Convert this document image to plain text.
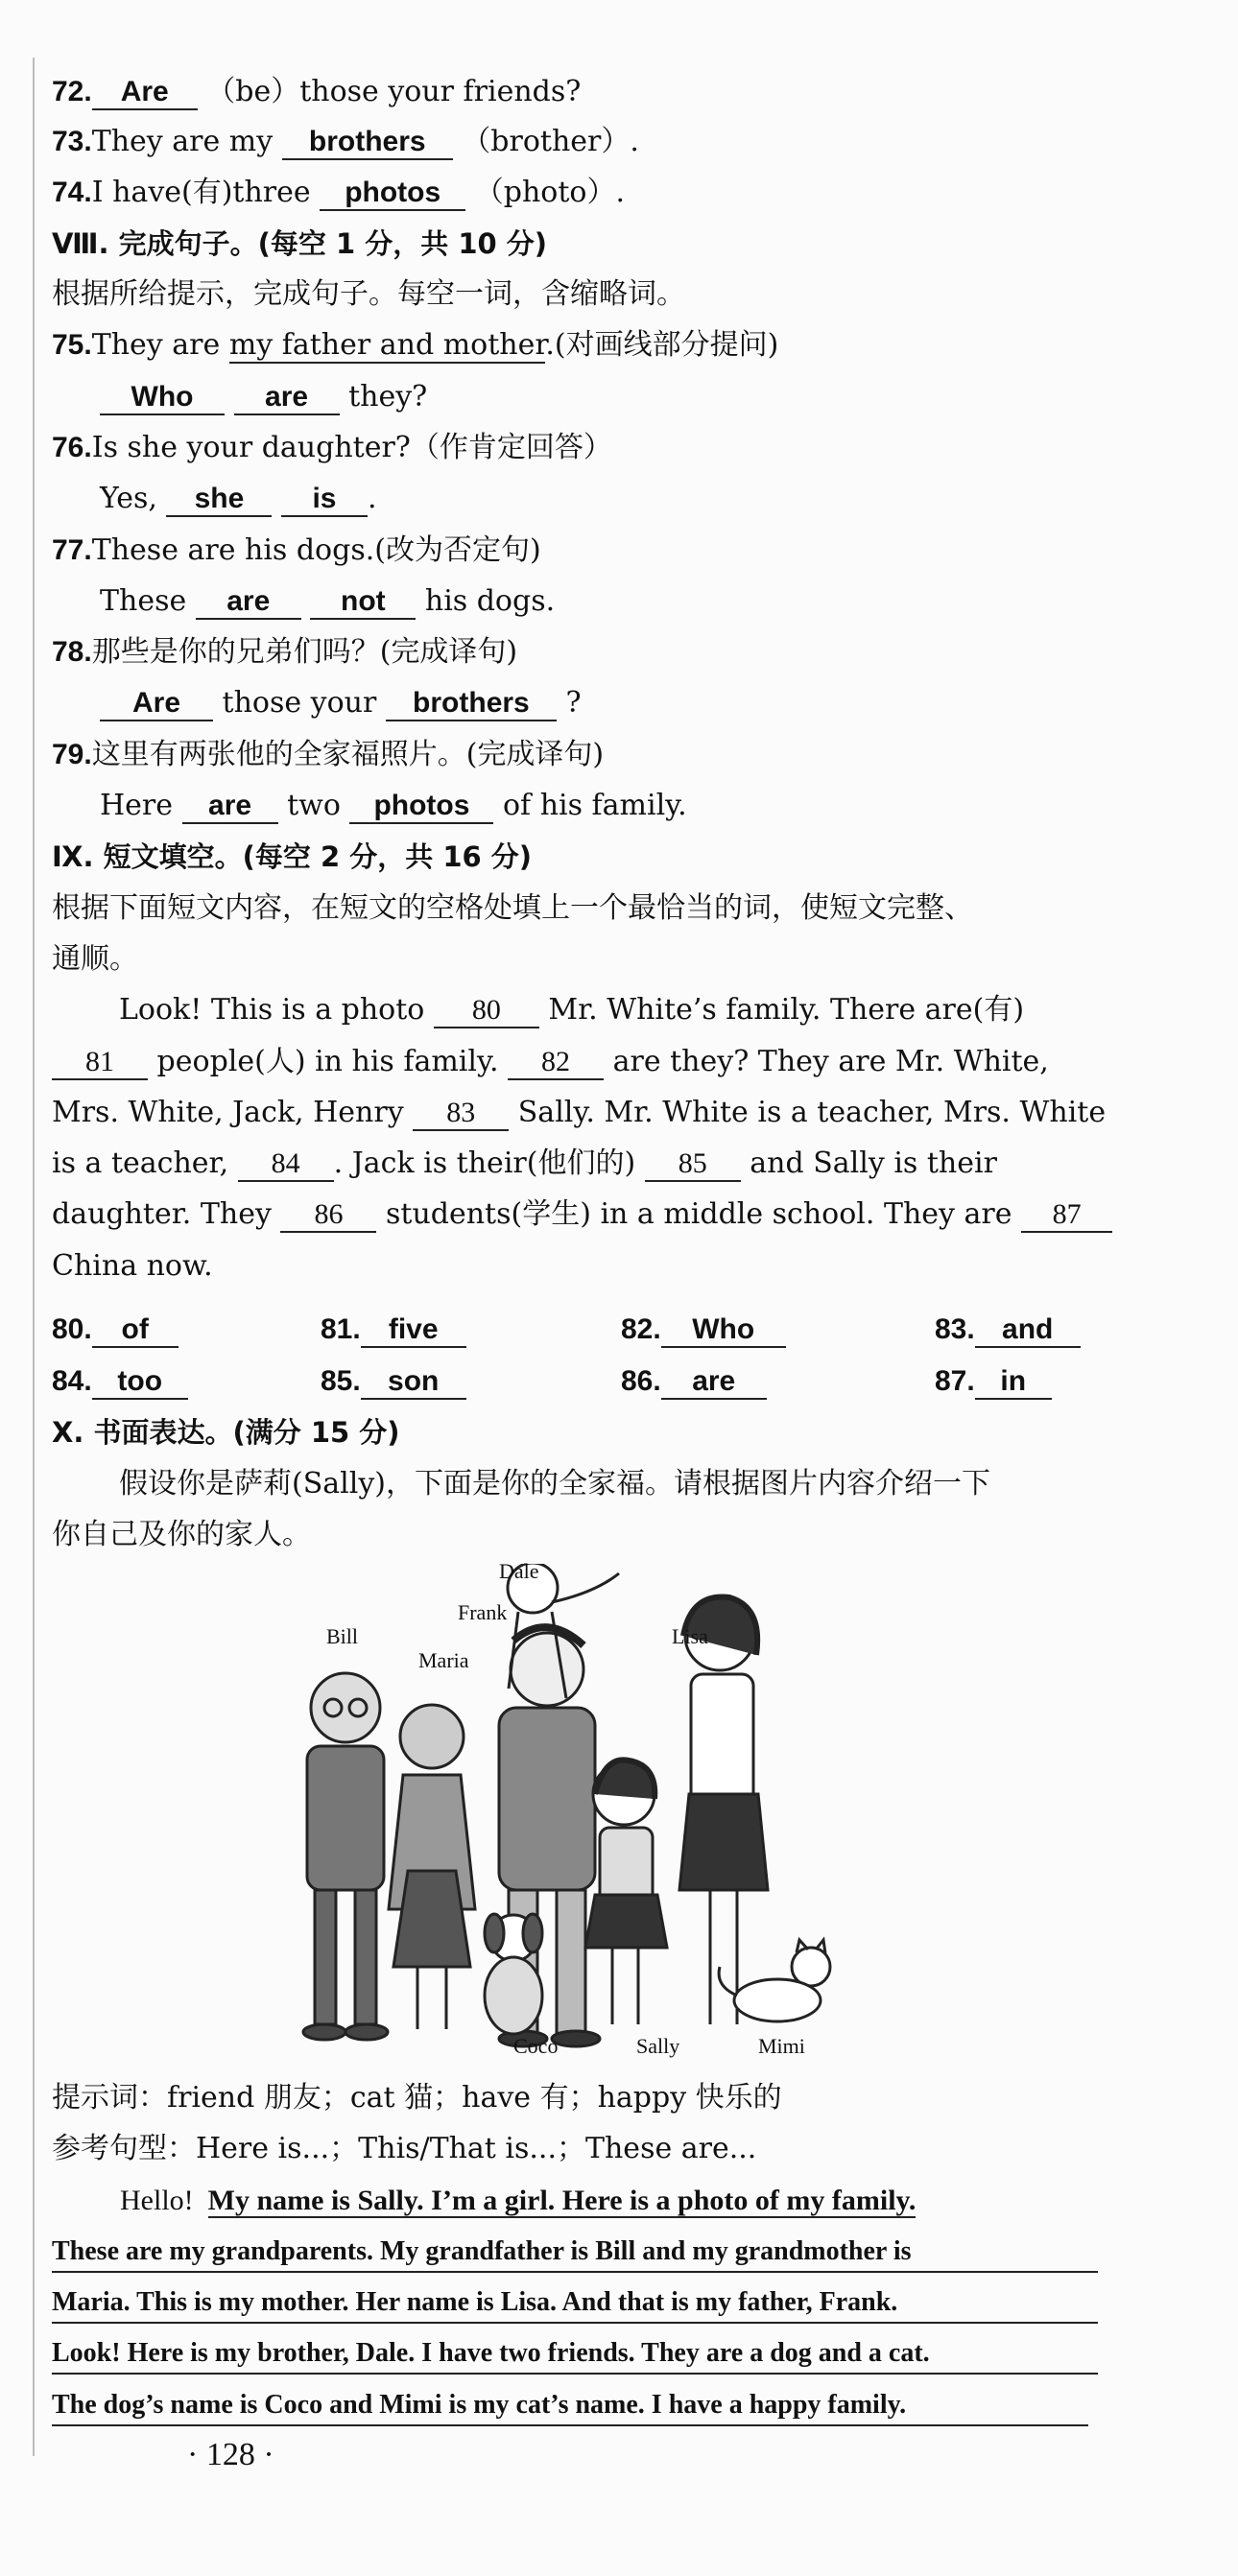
72. Are （be）those your friends?
73.They are my brothers （brother）.
74.I have(有)three photos （photo）.
Ⅷ. 完成句子。(每空 1 分，共 10 分)
根据所给提示，完成句子。每空一词，含缩略词。
75.They are my father and mother.(对画线部分提问)
Who are they?
76.Is she your daughter?（作肯定回答）
Yes, she is .
77.These are his dogs.(改为否定句)
These are not his dogs.
78.那些是你的兄弟们吗？(完成译句)
Are those your brothers ?
79.这里有两张他的全家福照片。(完成译句)
Here are two photos of his family.
Ⅸ. 短文填空。(每空 2 分，共 16 分)
根据下面短文内容，在短文的空格处填上一个最恰当的词，使短文完整、
通顺。
Look! This is a photo 80 Mr. White’s family. There are(有)
81 people(人) in his family. 82 are they? They are Mr. White,
Mrs. White, Jack, Henry 83 Sally. Mr. White is a teacher, Mrs. White
is a teacher, 84 . Jack is their(他们的) 85 and Sally is their
daughter. They 86 students(学生) in a middle school. They are 87
China now.
80. of	81. five	82. Who	83. and
84. too	85. son	86. are	87. in
Ⅹ. 书面表达。(满分 15 分)
假设你是萨莉(Sally)，下面是你的全家福。请根据图片内容介绍一下
你自己及你的家人。
Dale
Frank
Bill
Maria
Lisa
Coco	Sally	Mimi
提示词：friend 朋友；cat 猫；have 有；happy 快乐的
参考句型：Here is...；This/That is...；These are...
Hello! My name is Sally. I’m a girl. Here is a photo of my family.
These are my grandparents. My grandfather is Bill and my grandmother is
Maria. This is my mother. Her name is Lisa. And that is my father, Frank.
Look! Here is my brother, Dale. I have two friends. They are a dog and a cat.
The dog’s name is Coco and Mimi is my cat’s name. I have a happy family.
· 128 ·
